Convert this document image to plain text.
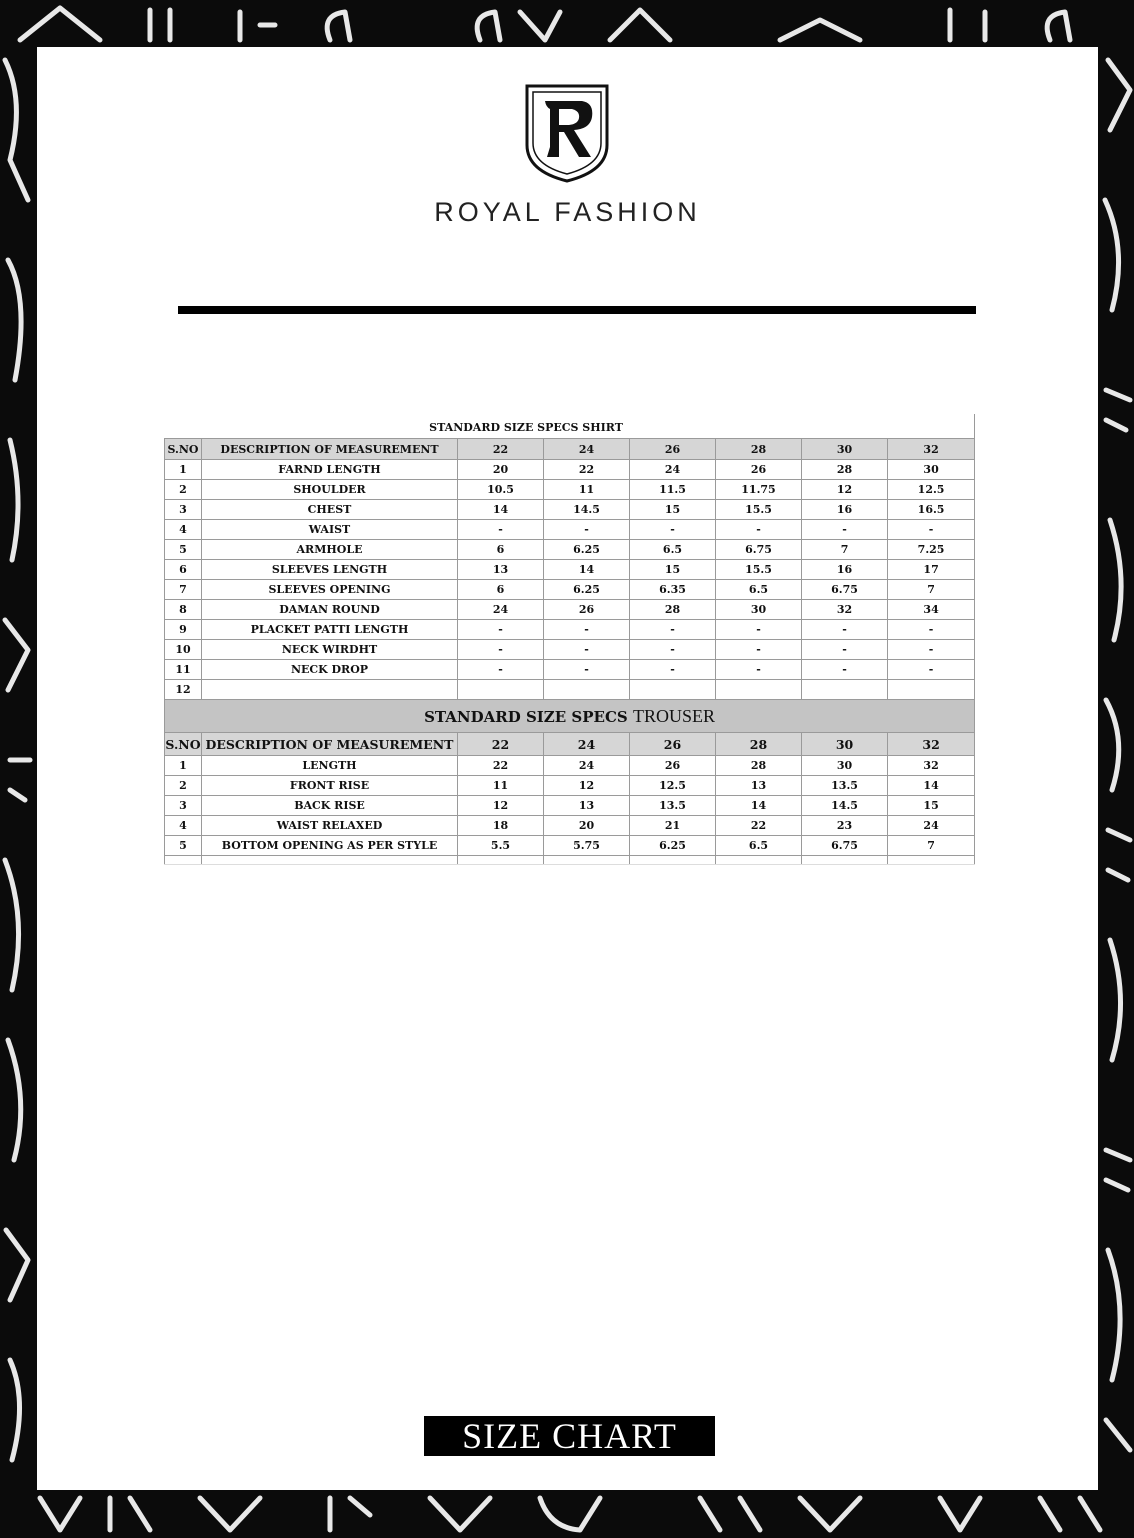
ROYAL FASHION
STANDARD SIZE SPECS SHIRT							
S.NO	DESCRIPTION OF MEASUREMENT	22	24	26	28	30	32
1	FARND LENGTH	20	22	24	26	28	30
2	SHOULDER	10.5	11	11.5	11.75	12	12.5
3	CHEST	14	14.5	15	15.5	16	16.5
4	WAIST	-	-	-	-	-	-
5	ARMHOLE	6	6.25	6.5	6.75	7	7.25
6	SLEEVES LENGTH	13	14	15	15.5	16	17
7	SLEEVES OPENING	6	6.25	6.35	6.5	6.75	7
8	DAMAN ROUND	24	26	28	30	32	34
9	PLACKET PATTI LENGTH	-	-	-	-	-	-
10	NECK WIRDHT	-	-	-	-	-	-
11	NECK DROP	-	-	-	-	-	-
12							
STANDARD SIZE SPECS TROUSER							
S.NO	DESCRIPTION OF MEASUREMENT	22	24	26	28	30	32
1	LENGTH	22	24	26	28	30	32
2	FRONT RISE	11	12	12.5	13	13.5	14
3	BACK RISE	12	13	13.5	14	14.5	15
4	WAIST RELAXED	18	20	21	22	23	24
5	BOTTOM OPENING AS PER STYLE	5.5	5.75	6.25	6.5	6.75	7

SIZE CHART
